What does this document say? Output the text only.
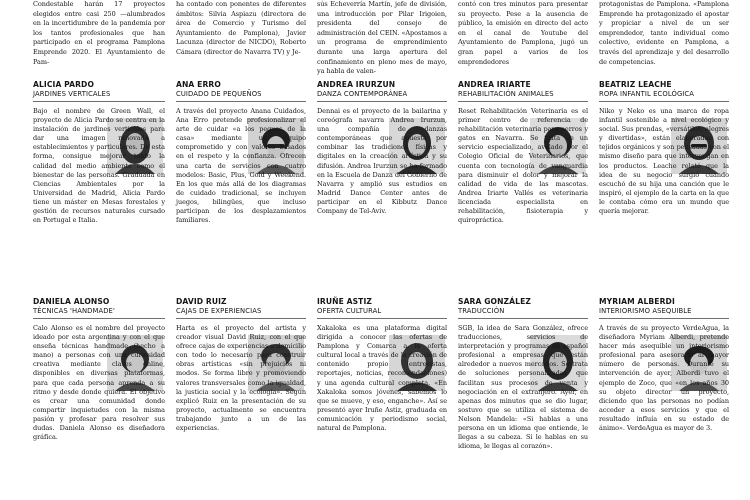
Condestable harán 17 proyectos elegidos entre casi 250 —alumbrados en la incertidumbre de la pandemia por los tantos profesionales que han participado en el programa Pamplona Emprende 2020. El Ayuntamiento de Pam-

ha contado con ponentes de diferentes ámbitos: Silvia Aspiazu (directora de área de Comercio y Turismo del Ayuntamiento de Pamplona), Javier Lacunza (director de NICDO), Roberto Cámara (director de Navarra TV) y Je-

sús Echeverría Martín, jefe de división, una introducción por Pilar Irigoien, presidenta del consejo de administración del CEIN. «Apostamos a un programa de emprendimiento durante una larga apertura del confinamiento en pleno mes de mayo, ya habla de valen-

contó con tres minutos para presentar su proyecto. Pese a la ausencia de público, la emisión en directo del acto en el canal de Youtube del Ayuntamiento de Pamplona, jugó un gran papel a varios de los emprendedores

protagonistas de Pamplona. «Pamplona Emprende ha protagonizado el apostar y propiciar a nivel de un ser emprendedor, tanto individual como colectivo, evidente en Pamplona, a través del aprendizaje y del desarrollo de competencias.

ALICIA PARDO

JARDINES VERTICALES

Bajo el nombre de Green Wall, el proyecto de Alicia Pardo se centra en la instalación de jardines verticales para dar una imagen renovada a establecimientos y particulares. De esta forma, consigue mejorar tanto la calidad del medio ambiente como el bienestar de las personas. Graduada en Ciencias Ambientales por la Universidad de Madrid, Alicia Pardo tiene un máster en Mesas forestales y gestión de recursos naturales cursado en Portugal e Italia.

ANA ERRO

CUIDADO DE PEQUEÑOS

A través del proyecto Anana Cuidados, Ana Erro pretende profesionalizar el arte de cuidar «a los peques de la casa» mediante un equipo comprometido y con valores basados en el respeto y la confianza. Ofrecen una carta de servicios con cuatro modelos: Basic, Plus, Gold y Weekend. En los que más allá de los diagramas de cuidado tradicional, se incluyen juegos, bilingües, que incluso participan de los desplazamientos familiares.

ANDREA IRURZUN

DANZA CONTEMPORÁNEA

Dennai es el proyecto de la bailarina y coreógrafa navarra Andrea Irurzun, una compañía de danzas contemporáneas que apuesta por combinar las tradiciones físicas y digitales en la creación artística y su difusión. Andrea Irurzun se ha formado en la Escuela de Danza del Gobierno de Navarra y amplió sus estudios en Madrid Dance Center antes de participar en el Kibbutz Dance Company de Tel-Aviv.

ANDREA IRIARTE

REHABILITACIÓN ANIMALES

Reset Rehabilitación Veterinaria es el primer centro de referencia de rehabilitación veterinaria para perros y gatos en Navarra. Se trata de un servicio especializado, avalado por el Colegio Oficial de Veterinarios, que cuenta con tecnología de vanguardia para disminuir el dolor y mejorar la calidad de vida de las mascotas. Andrea Iriarte Vallés es veterinaria licenciada especialista en rehabilitación, fisioterapia y quiropráctica.

BEATRIZ LEACHE

ROPA INFANTIL ECOLÓGICA

Niko y Neko es una marca de ropa infantil sostenible a nivel ecológico y social. Sus prendas, «versátiles, alegres y divertidas», están elaboradas con tejidos orgánicos y son pensadas con el mismo diseño para que intervengan en los productos. Leache relató que la idea de su negocio surgió cuando escuchó de su hija una canción que le inspiró, el ejemplo de la carta en la que le contaba cómo era un mundo que quería mejorar.

DANIELA ALONSO

TÉCNICAS 'HANDMADE'

Calo Alonso es el nombre del proyecto ideado por esta argentina y con el que enseña técnicas handmade (hecho a mano) a personas con una curiosidad creativa mediante clases online, disponibles en diversas plataformas, para que cada persona aprenda a su ritmo y desde donde quiera. El objetivo es crear una comunidad donde compartir inquietudes con la misma pasión y profesar para resolver sus dudas. Daniela Alonso es diseñadora gráfica.

DAVID RUIZ

CAJAS DE EXPERIENCIAS

Harta es el proyecto del artista y creador visual David Ruiz, con el que ofrece cajas de experiencias a domicilio con todo lo necesario para construir obras artísticas «sin prejuicios ni modos. Se forma libre y promoviendo valores transversales como la igualdad, la justicia social y la ecología». Según explicó Ruiz en la presentación de su proyecto, actualmente se encuentra trabajando junto a un de las experiencias.

IRUÑE ASTIZ

OFERTA CULTURAL

Xakaloka es una plataforma digital dirigida a conocer las ofertas de Pamplona y Comarca a la oferta cultural local a través de la creación de contenido propio (entrevistas, reportajes, noticias, recomendaciones) y una agenda cultural completa. «En Xakaloka somos jóvenes, sabemos lo que se mueve, y eso, enganche». Así se presentó ayer Iruñe Astiz, graduada en comunicación y periodismo social, natural de Pamplona.

SARA GONZÁLEZ

TRADUCCIÓN

SGB, la idea de Sara González, ofrece traducciones, servicios de interpretación y programas de español profesional a empresas que están alrededor a nuevos mercados. Se trata de soluciones personalizadas que facilitan sus procesos de venta y negociación en el extranjero. Ayer, en apenas dos minutos que se dio lugar, sostuvo que se utiliza el sistema de Nelson Mandela: «Si hablas a una persona en un idioma que entiende, le llegas a su cabeza. Si le hablas en su idioma, le llegas al corazón».

MYRIAM ALBERDI

INTERIORISMO ASEQUIBLE

A través de su proyecto VerdeAgua, la diseñadora Myriam Alberdi, pretende hacer más asequible un interiorismo profesional para asesorarlo al mayor número de personas. Durante su intervención de ayer, Alberdi tuvo el ejemplo de Zoco, que «en los años 30 su objeto director un proyecto, diciendo que las personas no podían acceder a esos servicios y que el resultado influía en su estado de ánimo». VerdeAgua es mayor de 3.
